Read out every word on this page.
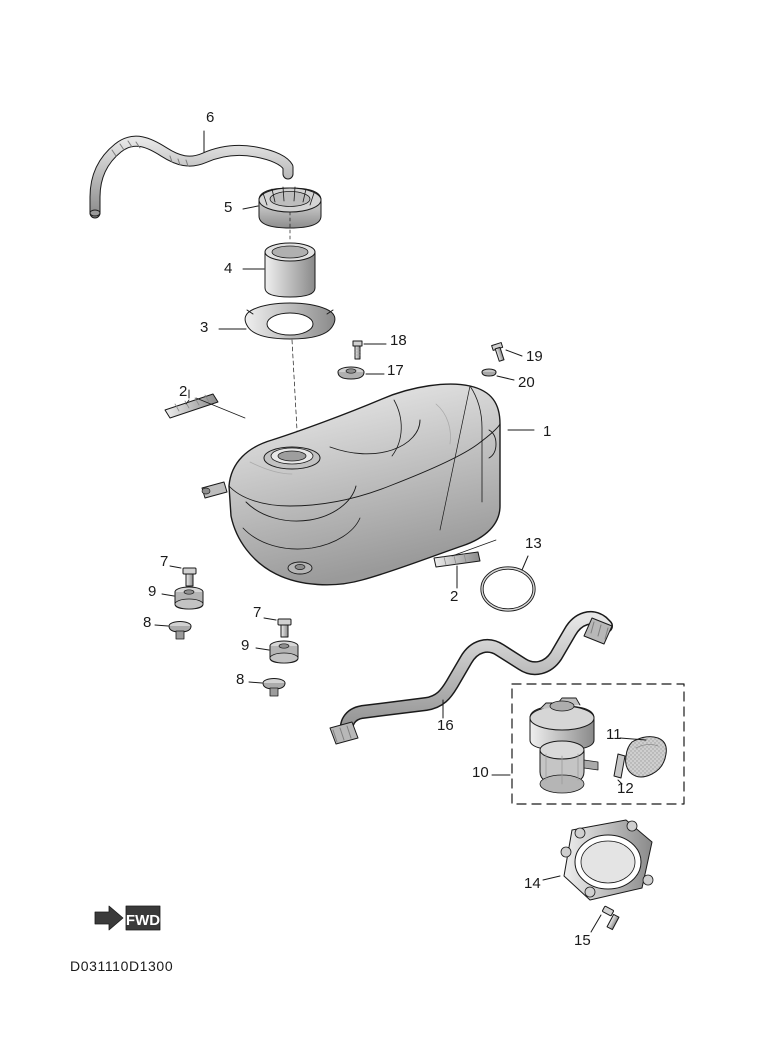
FWD
1
2
2
3
4
5
6
7
7
8
8
9
9
10
11
12
13
14
15
16
17
18
19
20
D031110D1300
